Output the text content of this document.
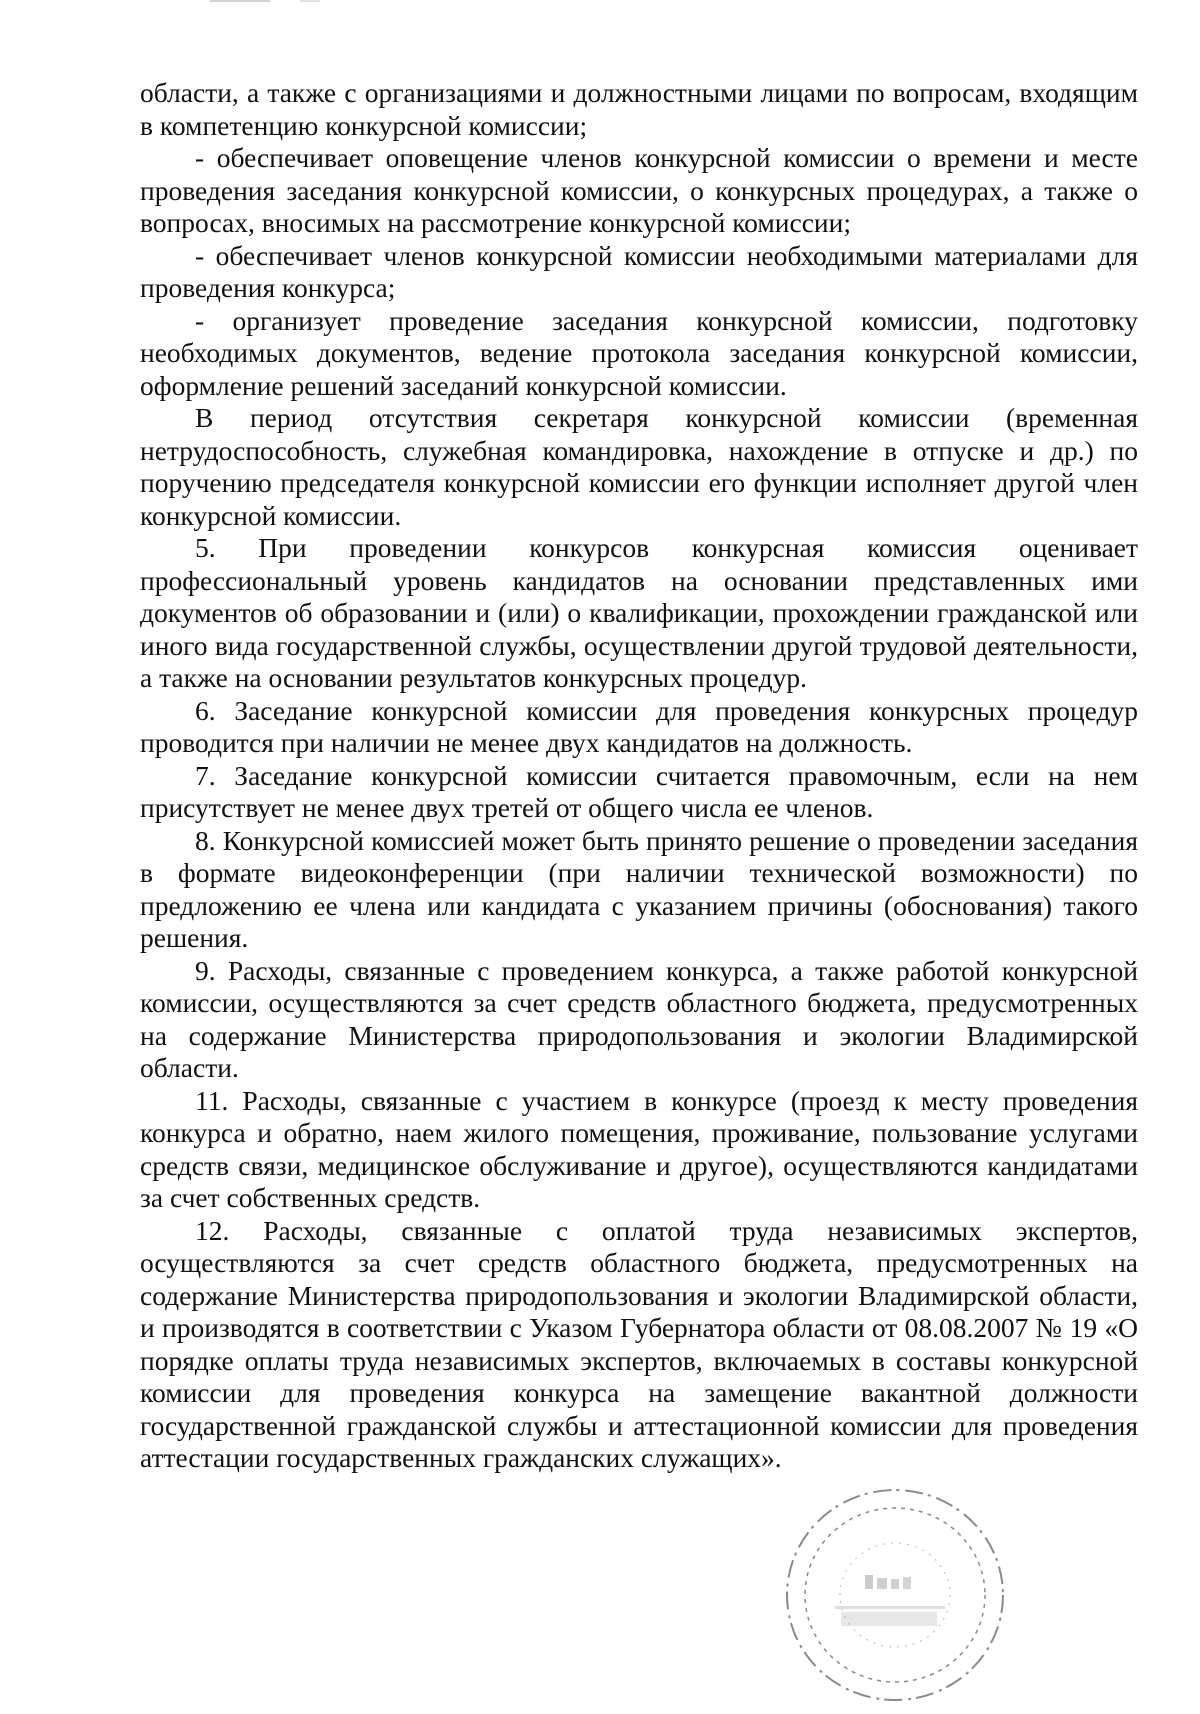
области, а также с организациями и должностными лицами по вопросам, входящим в компетенцию конкурсной комиссии;

- обеспечивает оповещение членов конкурсной комиссии о времени и месте проведения заседания конкурсной комиссии, о конкурсных процедурах, а также о вопросах, вносимых на рассмотрение конкурсной комиссии;

- обеспечивает членов конкурсной комиссии необходимыми материалами для проведения конкурса;

- организует проведение заседания конкурсной комиссии, подготовку необходимых документов, ведение протокола заседания конкурсной комиссии, оформление решений заседаний конкурсной комиссии.

В период отсутствия секретаря конкурсной комиссии (временная нетрудоспособность, служебная командировка, нахождение в отпуске и др.) по поручению председателя конкурсной комиссии его функции исполняет другой член конкурсной комиссии.

5. При проведении конкурсов конкурсная комиссия оценивает профессиональный уровень кандидатов на основании представленных ими документов об образовании и (или) о квалификации, прохождении гражданской или иного вида государственной службы, осуществлении другой трудовой деятельности, а также на основании результатов конкурсных процедур.

6. Заседание конкурсной комиссии для проведения конкурсных процедур проводится при наличии не менее двух кандидатов на должность.

7. Заседание конкурсной комиссии считается правомочным, если на нем присутствует не менее двух третей от общего числа ее членов.

8. Конкурсной комиссией может быть принято решение о проведении заседания в формате видеоконференции (при наличии технической возможности) по предложению ее члена или кандидата с указанием причины (обоснования) такого решения.

9. Расходы, связанные с проведением конкурса, а также работой конкурсной комиссии, осуществляются за счет средств областного бюджета, предусмотренных на содержание Министерства природопользования и экологии Владимирской области.

11. Расходы, связанные с участием в конкурсе (проезд к месту проведения конкурса и обратно, наем жилого помещения, проживание, пользование услугами средств связи, медицинское обслуживание и другое), осуществляются кандидатами за счет собственных средств.

12. Расходы, связанные с оплатой труда независимых экспертов, осуществляются за счет средств областного бюджета, предусмотренных на содержание Министерства природопользования и экологии Владимирской области, и производятся в соответствии с Указом Губернатора области от 08.08.2007 № 19 «О порядке оплаты труда независимых экспертов, включаемых в составы конкурсной комиссии для проведения конкурса на замещение вакантной должности государственной гражданской службы и аттестационной комиссии для проведения аттестации государственных гражданских служащих».
